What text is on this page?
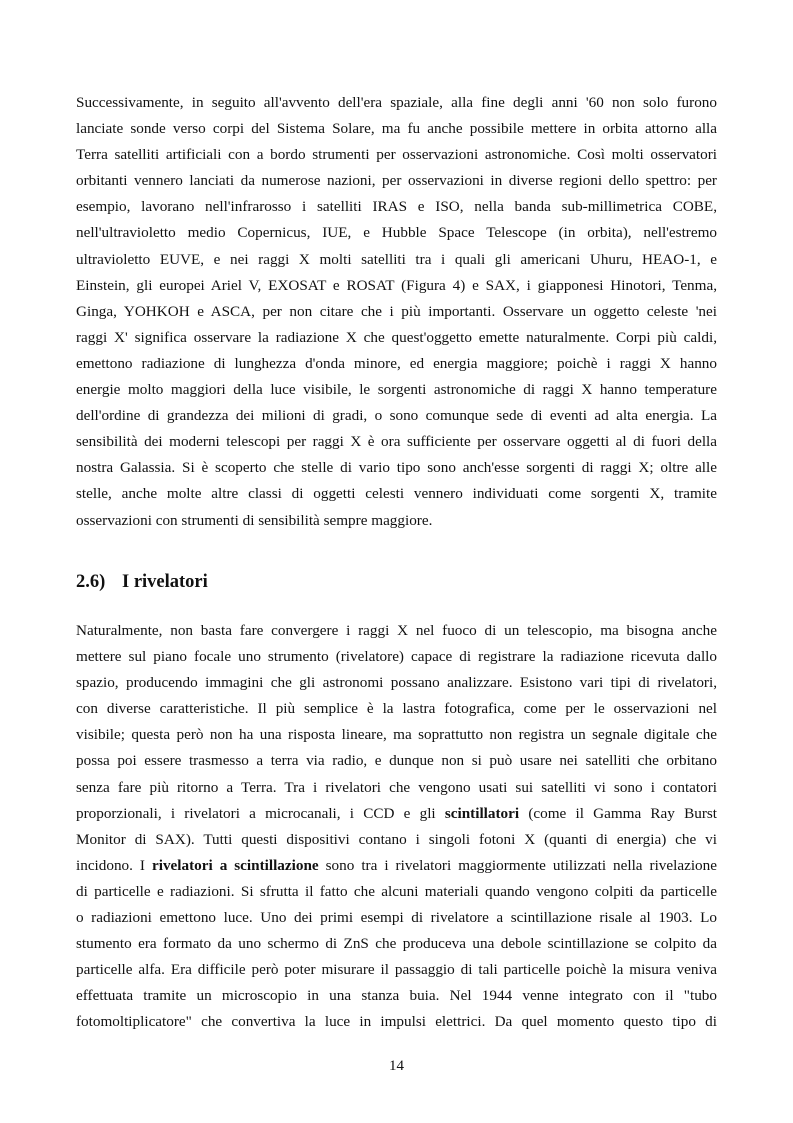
Successivamente, in seguito all'avvento dell'era spaziale, alla fine degli anni '60 non solo furono
lanciate sonde verso corpi del Sistema Solare, ma fu anche possibile mettere in orbita attorno alla
Terra satelliti artificiali con a bordo strumenti per osservazioni astronomiche. Così molti osservatori
orbitanti vennero lanciati da numerose nazioni, per osservazioni in diverse regioni dello spettro: per
esempio, lavorano nell'infrarosso i satelliti IRAS e ISO, nella banda sub-millimetrica COBE,
nell'ultravioletto medio Copernicus, IUE, e Hubble Space Telescope (in orbita), nell'estremo
ultravioletto EUVE, e nei raggi X molti satelliti tra i quali gli americani Uhuru, HEAO-1, e
Einstein, gli europei Ariel V, EXOSAT e ROSAT (Figura 4) e SAX, i giapponesi Hinotori, Tenma,
Ginga, YOHKOH e ASCA, per non citare che i più importanti. Osservare un oggetto celeste 'nei
raggi X' significa osservare la radiazione X che quest'oggetto emette naturalmente. Corpi più caldi,
emettono radiazione di lunghezza d'onda minore, ed energia maggiore; poichè i raggi X hanno
energie molto maggiori della luce visibile, le sorgenti astronomiche di raggi X hanno temperature
dell'ordine di grandezza dei milioni di gradi, o sono comunque sede di eventi ad alta energia. La
sensibilità dei moderni telescopi per raggi X è ora sufficiente per osservare oggetti al di fuori della
nostra Galassia. Si è scoperto che stelle di vario tipo sono anch'esse sorgenti di raggi X; oltre alle
stelle, anche molte altre classi di oggetti celesti vennero individuati come sorgenti X, tramite
osservazioni con strumenti di sensibilità sempre maggiore.

2.6) I rivelatori

Naturalmente, non basta fare convergere i raggi X nel fuoco di un telescopio, ma bisogna anche
mettere sul piano focale uno strumento (rivelatore) capace di registrare la radiazione ricevuta dallo
spazio, producendo immagini che gli astronomi possano analizzare. Esistono vari tipi di rivelatori,
con diverse caratteristiche. Il più semplice è la lastra fotografica, come per le osservazioni nel
visibile; questa però non ha una risposta lineare, ma soprattutto non registra un segnale digitale che
possa poi essere trasmesso a terra via radio, e dunque non si può usare nei satelliti che orbitano
senza fare più ritorno a Terra. Tra i rivelatori che vengono usati sui satelliti vi sono i contatori
proporzionali, i rivelatori a microcanali, i CCD e gli scintillatori (come il Gamma Ray Burst
Monitor di SAX). Tutti questi dispositivi contano i singoli fotoni X (quanti di energia) che vi
incidono. I rivelatori a scintillazione sono tra i rivelatori maggiormente utilizzati nella rivelazione
di particelle e radiazioni. Si sfrutta il fatto che alcuni materiali quando vengono colpiti da particelle
o radiazioni emettono luce. Uno dei primi esempi di rivelatore a scintillazione risale al 1903. Lo
stumento era formato da uno schermo di ZnS che produceva una debole scintillazione se colpito da
particelle alfa. Era difficile però poter misurare il passaggio di tali particelle poichè la misura veniva
effettuata tramite un microscopio in una stanza buia. Nel 1944 venne integrato con il "tubo
fotomoltiplicatore" che convertiva la luce in impulsi elettrici. Da quel momento questo tipo di

14
